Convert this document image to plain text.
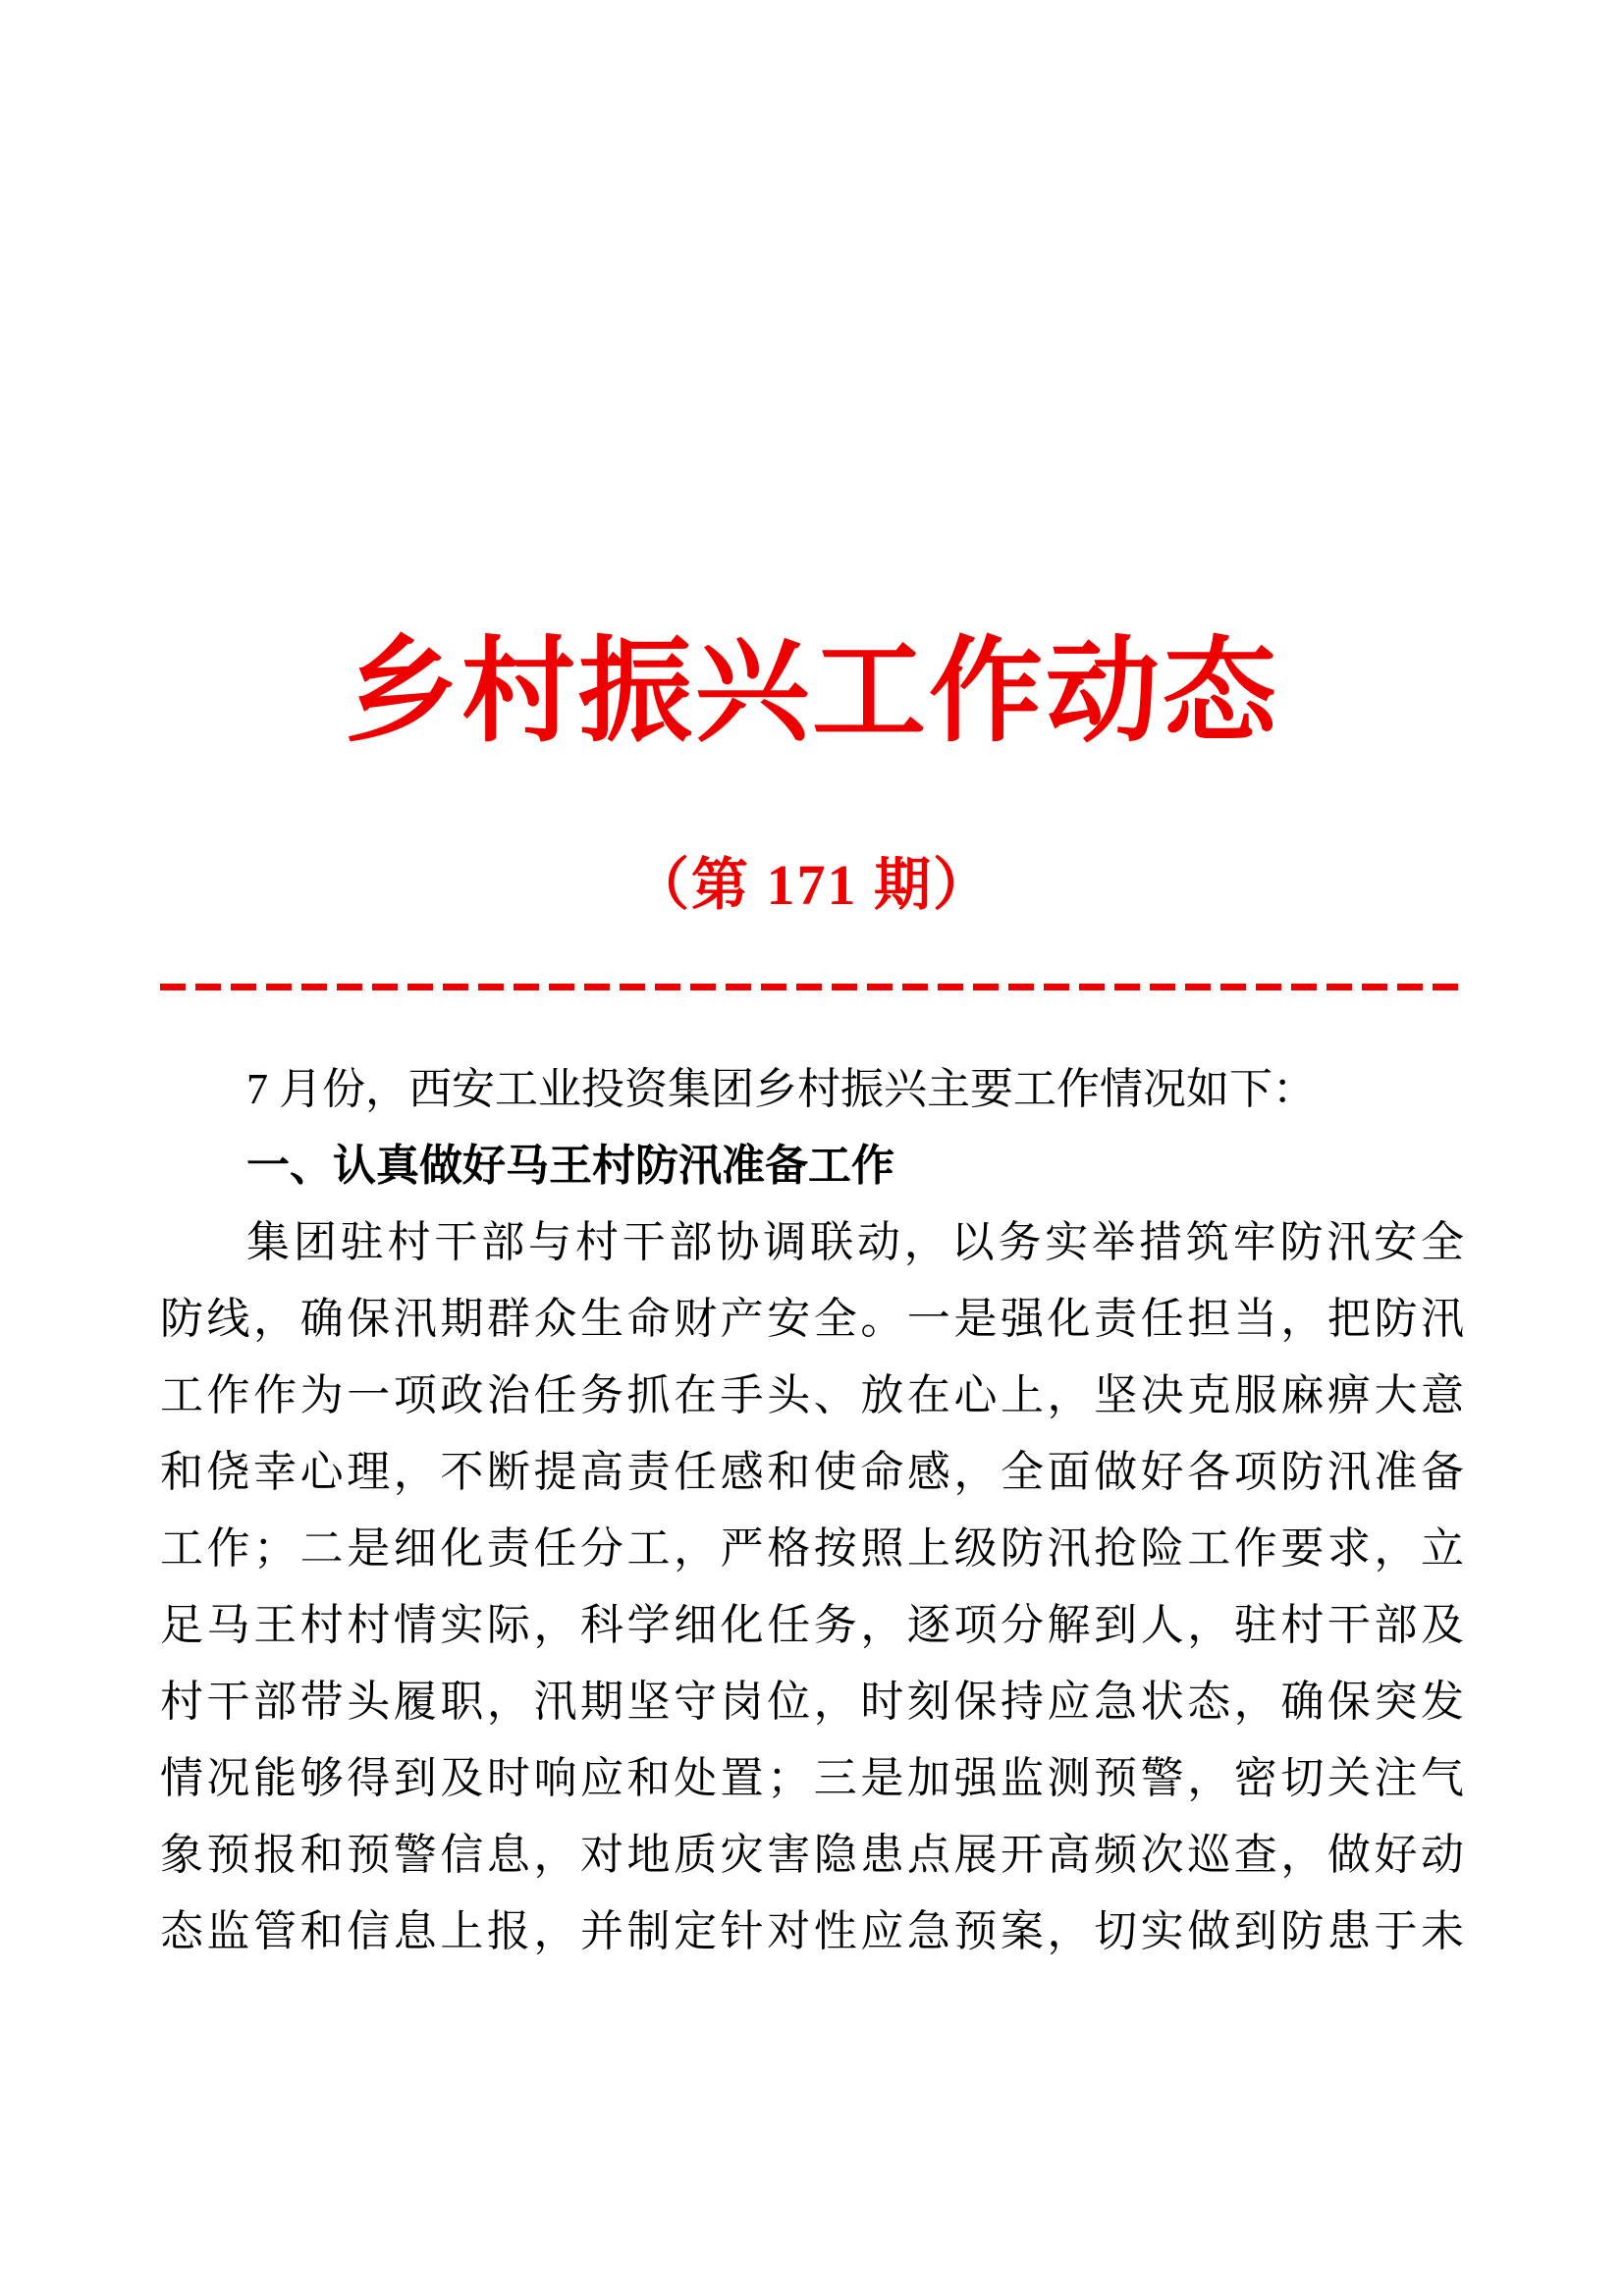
乡村振兴工作动态
（第 171 期）
7 月份，西安工业投资集团乡村振兴主要工作情况如下：
一、认真做好马王村防汛准备工作
集团驻村干部与村干部协调联动，以务实举措筑牢防汛安全
防线，确保汛期群众生命财产安全。一是强化责任担当，把防汛
工作作为一项政治任务抓在手头、放在心上，坚决克服麻痹大意
和侥幸心理，不断提高责任感和使命感，全面做好各项防汛准备
工作；二是细化责任分工，严格按照上级防汛抢险工作要求，立
足马王村村情实际，科学细化任务，逐项分解到人，驻村干部及
村干部带头履职，汛期坚守岗位，时刻保持应急状态，确保突发
情况能够得到及时响应和处置；三是加强监测预警，密切关注气
象预报和预警信息，对地质灾害隐患点展开高频次巡查，做好动
态监管和信息上报，并制定针对性应急预案，切实做到防患于未
